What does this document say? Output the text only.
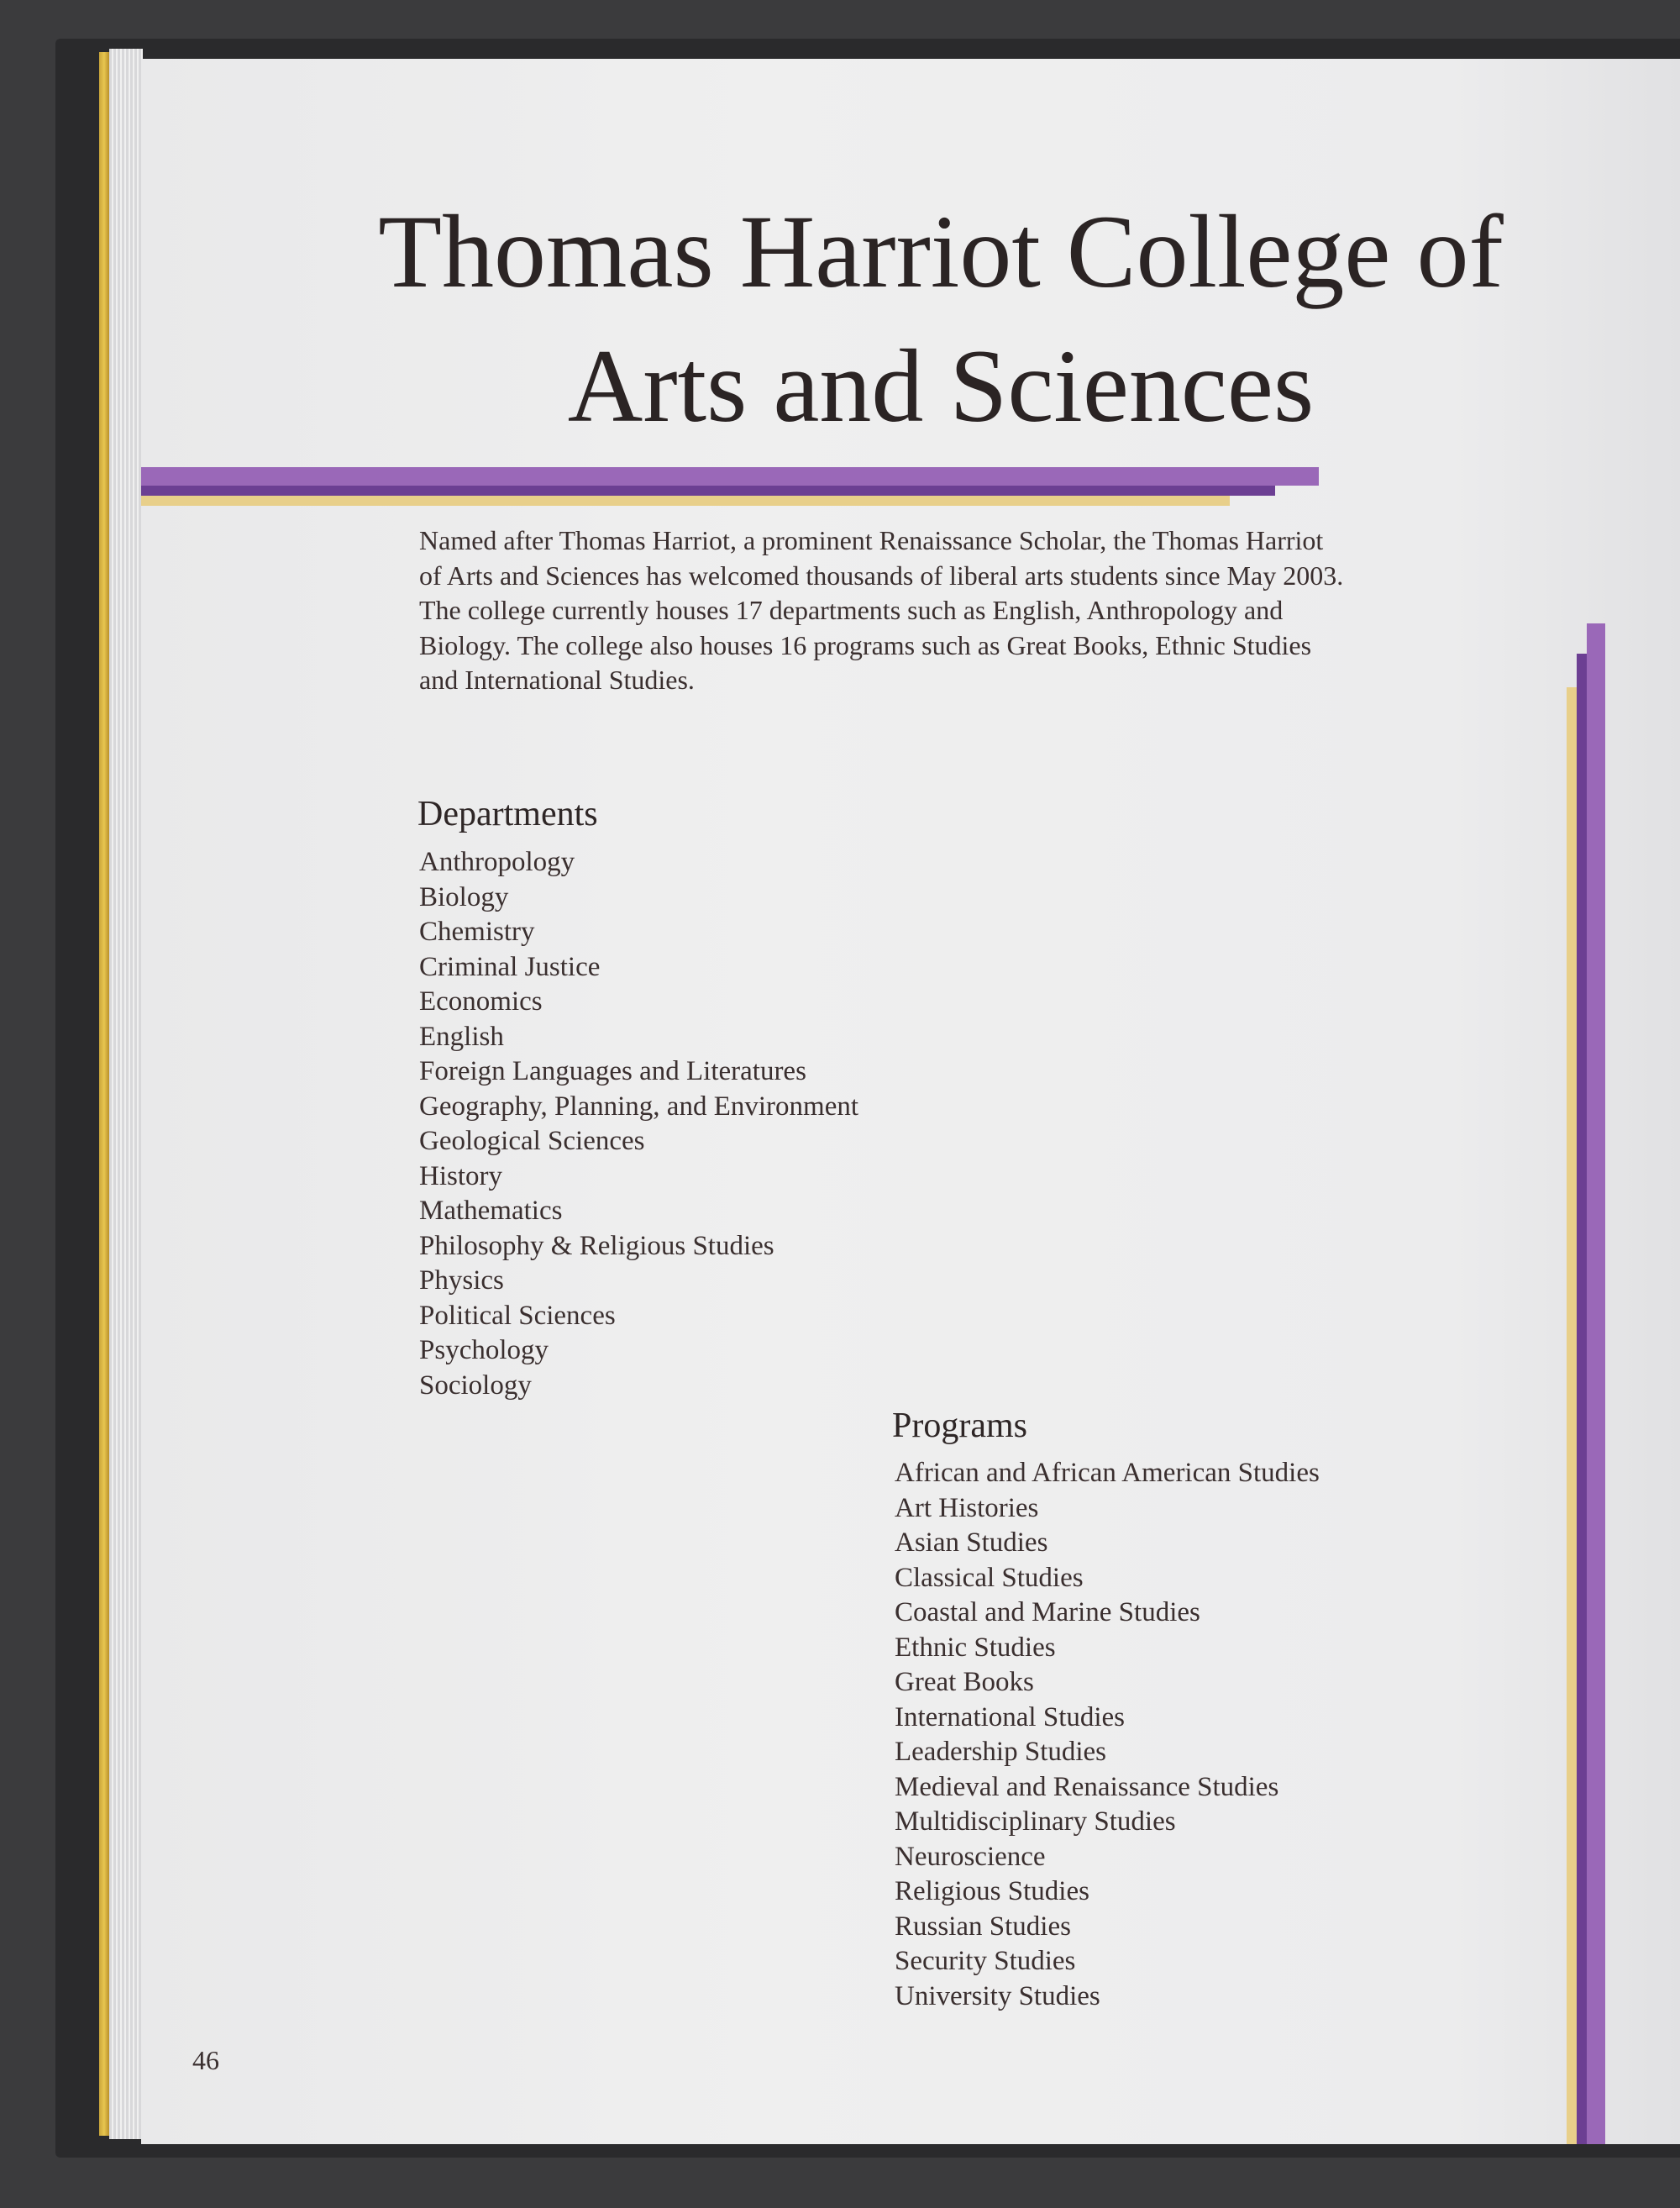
Thomas Harriot College of
Arts and Sciences
Named after Thomas Harriot, a prominent Renaissance Scholar, the Thomas Harriot
of Arts and Sciences has welcomed thousands of liberal arts students since May 2003.
The college currently houses 17 departments such as English, Anthropology and
Biology. The college also houses 16 programs such as Great Books, Ethnic Studies
and International Studies.
Departments
Anthropology
Biology
Chemistry
Criminal Justice
Economics
English
Foreign Languages and Literatures
Geography, Planning, and Environment
Geological Sciences
History
Mathematics
Philosophy & Religious Studies
Physics
Political Sciences
Psychology
Sociology
Programs
African and African American Studies
Art Histories
Asian Studies
Classical Studies
Coastal and Marine Studies
Ethnic Studies
Great Books
International Studies
Leadership Studies
Medieval and Renaissance Studies
Multidisciplinary Studies
Neuroscience
Religious Studies
Russian Studies
Security Studies
University Studies
46
